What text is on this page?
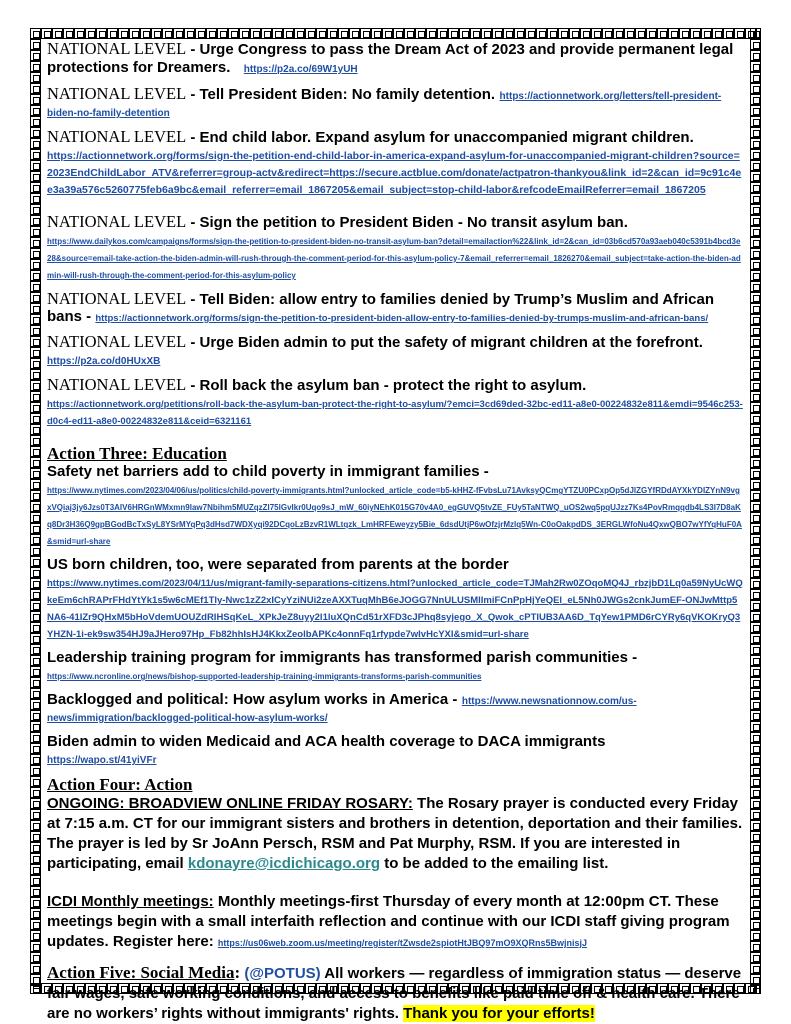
NATIONAL LEVEL - Urge Congress to pass the Dream Act of 2023 and provide permanent legal protections for Dreamers. https://p2a.co/69W1yUH

NATIONAL LEVEL - Tell President Biden: No family detention. https://actionnetwork.org/letters/tell-president-biden-no-family-detention

NATIONAL LEVEL - End child labor. Expand asylum for unaccompanied migrant children.
https://actionnetwork.org/forms/sign-the-petition-end-child-labor-in-america-expand-asylum-for-unaccompanied-migrant-children?source=2023EndChildLabor_ATV&referrer=group-actv&redirect=https://secure.actblue.com/donate/actpatron-thankyou&link_id=2&can_id=9c91c4ee3a39a576c5260775feb6a9bc&email_referrer=email_1867205&email_subject=stop-child-labor&refcodeEmailReferrer=email_1867205

NATIONAL LEVEL - Sign the petition to President Biden - No transit asylum ban.
https://www.dailykos.com/campaigns/forms/sign-the-petition-to-president-biden-no-transit-asylum-ban?detail=emailaction%22&link_id=2&can_id=03b6cd570a93aeb040c5391b4bcd3e28&source=email-take-action-the-biden-admin-will-rush-through-the-comment-period-for-this-asylum-policy-7&email_referrer=email_1826270&email_subject=take-action-the-biden-admin-will-rush-through-the-comment-period-for-this-asylum-policy

NATIONAL LEVEL - Tell Biden: allow entry to families denied by Trump’s Muslim and African bans - https://actionnetwork.org/forms/sign-the-petition-to-president-biden-allow-entry-to-families-denied-by-trumps-muslim-and-african-bans/

NATIONAL LEVEL - Urge Biden admin to put the safety of migrant children at the forefront.
https://p2a.co/d0HUxXB

NATIONAL LEVEL - Roll back the asylum ban - protect the right to asylum.
https://actionnetwork.org/petitions/roll-back-the-asylum-ban-protect-the-right-to-asylum/?emci=3cd69ded-32bc-ed11-a8e0-00224832e811&emdi=9546c253-d0c4-ed11-a8e0-00224832e811&ceid=6321161

Action Three: Education

Safety net barriers add to child poverty in immigrant families -
https://www.nytimes.com/2023/04/06/us/politics/child-poverty-immigrants.html?unlocked_article_code=b5-kHHZ-fFvbsLu71AvksyQCmgYTZU0PCxpOp5dJlZGYfRDdAYXkYDIZYnN9vgxVQiaj3jy6Jzs0T3AIV6HRGnWMxmn9law7Nbihm5MUZqzZl75lGvIkr0Uqo9sJ_mW_60iyNEhK015G70v4A0_egGUVQ5tvZE_FUy5TaNTWQ_uOS2wq5pqUJzz7Ks4PovRmqqdb4LS3I7D8aKq8Dr3H36Q9gpBGodBcTxSyL8YSrMYqPq3dHsd7WDXyqi92DCqoLzBzvR1WLtqzk_LmHRFEweyzy5Bie_6dsdUtjP6wOfzjrMzlq5Wn-C0oOakpdDS_3ERGLWfoNu4QxwQBO7wYfYqHuF0A&smid=url-share

US born children, too, were separated from parents at the border
https://www.nytimes.com/2023/04/11/us/migrant-family-separations-citizens.html?unlocked_article_code=TJMah2Rw0ZOqoMQ4J_rbzjbD1Lq0a59NyUcWQkeEm6chRAPrFHdYtYk1s5w6cMEf1Tly-Nwc1zZ2xICyYziNUi2zeAXXTuqMhB6eJOGG7NnULUSMlImiFCnPpHjYeQEl_eL5Nh0JWGs2cnkJumEF-ONJwMttp5NA6-41IZr9QHxM5bHoVdemUOUZdRIHSqKeL_XPkJeZ8uyy2l1luXQnCd51rXFD3cJPhq8syjego_X_Qwok_cPTlUB3AA6D_TqYew1PMD6rCYRy6qVKOKryQ3YHZN-1i-ek9sw354HJ9aJHero97Hp_Fb82hhIsHJ4KkxZeolbAPKc4onnFq1rfypde7wIvHcYXI&smid=url-share

Leadership training program for immigrants has transformed parish communities -
https://www.ncronline.org/news/bishop-supported-leadership-training-immigrants-transforms-parish-communities

Backlogged and political: How asylum works in America - https://www.newsnationnow.com/us-news/immigration/backlogged-political-how-asylum-works/

Biden admin to widen Medicaid and ACA health coverage to DACA immigrants
https://wapo.st/41yiVFr

Action Four: Action

ONGOING: BROADVIEW ONLINE FRIDAY ROSARY: The Rosary prayer is conducted every Friday at 7:15 a.m. CT for our immigrant sisters and brothers in detention, deportation and their families. The prayer is led by Sr JoAnn Persch, RSM and Pat Murphy, RSM. If you are interested in participating, email kdonayre@icdichicago.org to be added to the emailing list.

ICDI Monthly meetings: Monthly meetings-first Thursday of every month at 12:00pm CT. These meetings begin with a small interfaith reflection and continue with our ICDI staff giving program updates. Register here: https://us06web.zoom.us/meeting/register/tZwsde2spiotHtJBQ97mO9XQRns5BwjnisjJ

Action Five: Social Media: (@POTUS) All workers — regardless of immigration status — deserve fair wages, safe working conditions, and access to benefits like paid time off & health care. There are no workers’ rights without immigrants' rights. Thank you for your efforts!
